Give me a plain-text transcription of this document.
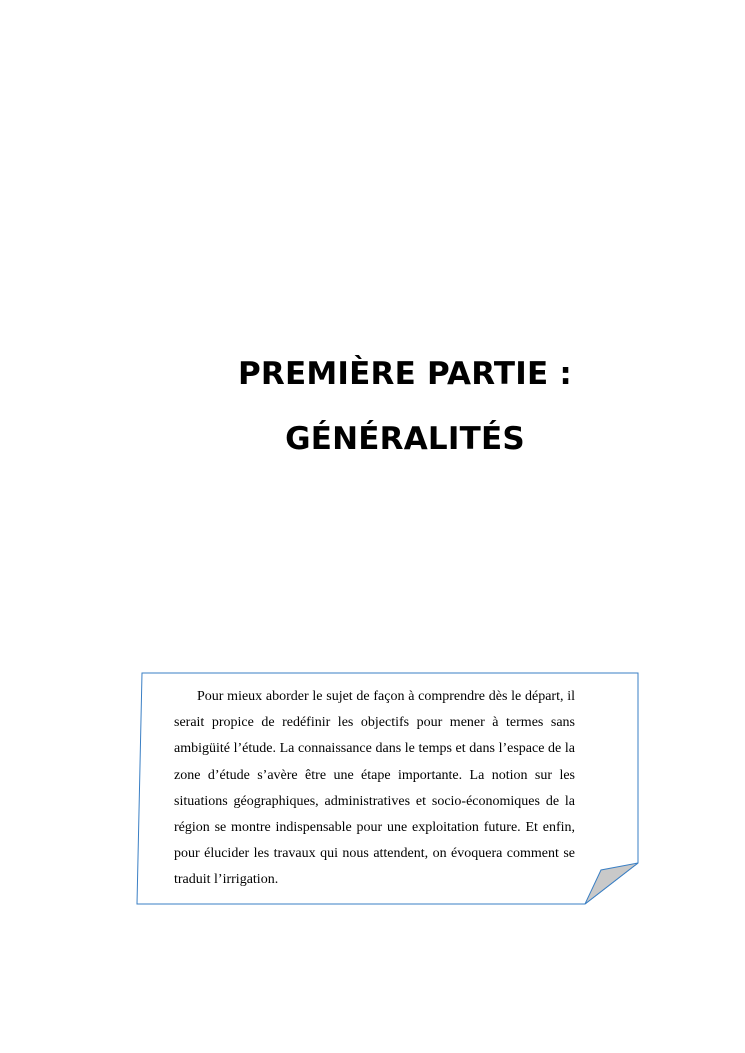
PREMIÈRE PARTIE :
GÉNÉRALITÉS

Pour mieux aborder le sujet de façon à comprendre dès le départ, il serait propice de redéfinir les objectifs pour mener à termes sans ambigüité l’étude. La connaissance dans le temps et dans l’espace de la zone d’étude s’avère être une étape importante. La notion sur les situations géographiques, administratives et socio-économiques de la région se montre indispensable pour une exploitation future. Et enfin, pour élucider les travaux qui nous attendent, on évoquera comment se traduit l’irrigation.
